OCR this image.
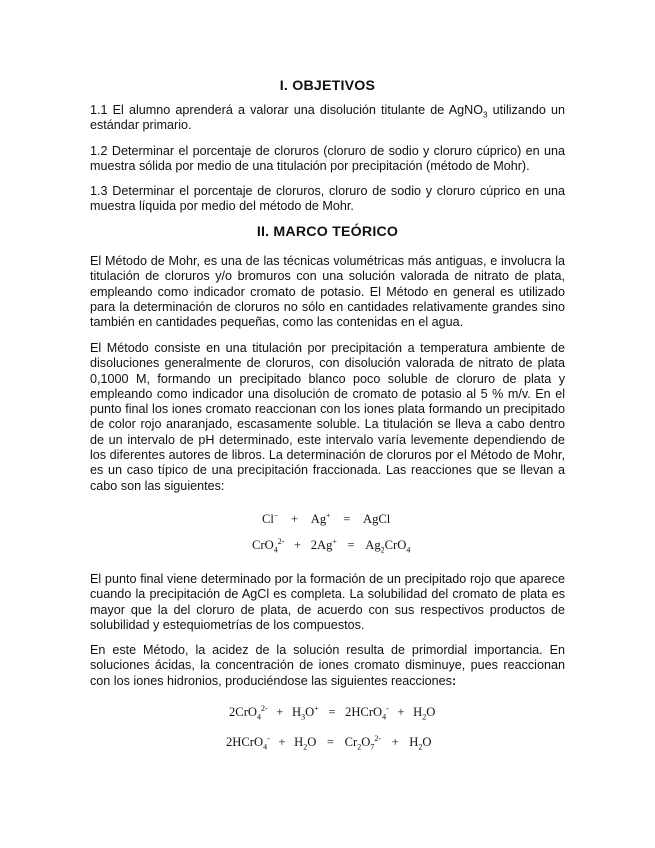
I. OBJETIVOS

1.1 El alumno aprenderá a valorar una disolución titulante de AgNO$_3$ utilizando un estándar primario.

1.2 Determinar el porcentaje de cloruros (cloruro de sodio y cloruro cúprico) en una muestra sólida por medio de una titulación por precipitación (método de Mohr).

1.3 Determinar el porcentaje de cloruros, cloruro de sodio y cloruro cúprico en una muestra líquida por medio del método de Mohr.

II. MARCO TEÓRICO

El Método de Mohr, es una de las técnicas volumétricas más antiguas, e involucra la titulación de cloruros y/o bromuros con una solución valorada de nitrato de plata, empleando como indicador cromato de potasio. El Método en general es utilizado para la determinación de cloruros no sólo en cantidades relativamente grandes sino también en cantidades pequeñas, como las contenidas en el agua.

El Método consiste en una titulación por precipitación a temperatura ambiente de disoluciones generalmente de cloruros, con disolución valorada de nitrato de plata 0,1000 M, formando un precipitado blanco poco soluble de cloruro de plata y empleando como indicador una disolución de cromato de potasio al 5 % m/v. En el punto final los iones cromato reaccionan con los iones plata formando un precipitado de color rojo anaranjado, escasamente soluble. La titulación se lleva a cabo dentro de un intervalo de pH determinado, este intervalo varía levemente dependiendo de los diferentes autores de libros. La determinación de cloruros por el Método de Mohr, es un caso típico de una precipitación fraccionada. Las reacciones que se llevan a cabo son las siguientes:

Cl− + Ag+ = AgCl
$CrO_4^{2-} + 2Ag^+ = Ag_2CrO_4$

El punto final viene determinado por la formación de un precipitado rojo que aparece cuando la precipitación de AgCl es completa. La solubilidad del cromato de plata es mayor que la del cloruro de plata, de acuerdo con sus respectivos productos de solubilidad y estequiometrías de los compuestos.

En este Método, la acidez de la solución resulta de primordial importancia. En soluciones ácidas, la concentración de iones cromato disminuye, pues reaccionan con los iones hidronios, produciéndose las siguientes reacciones:

$2CrO_4^{2-} + H_3O^+$ = 2HCrO$_4$- + $H_2O$
2HCrO$_4$- + $H_2O = Cr_2O_7^{2-} + H_2O$
